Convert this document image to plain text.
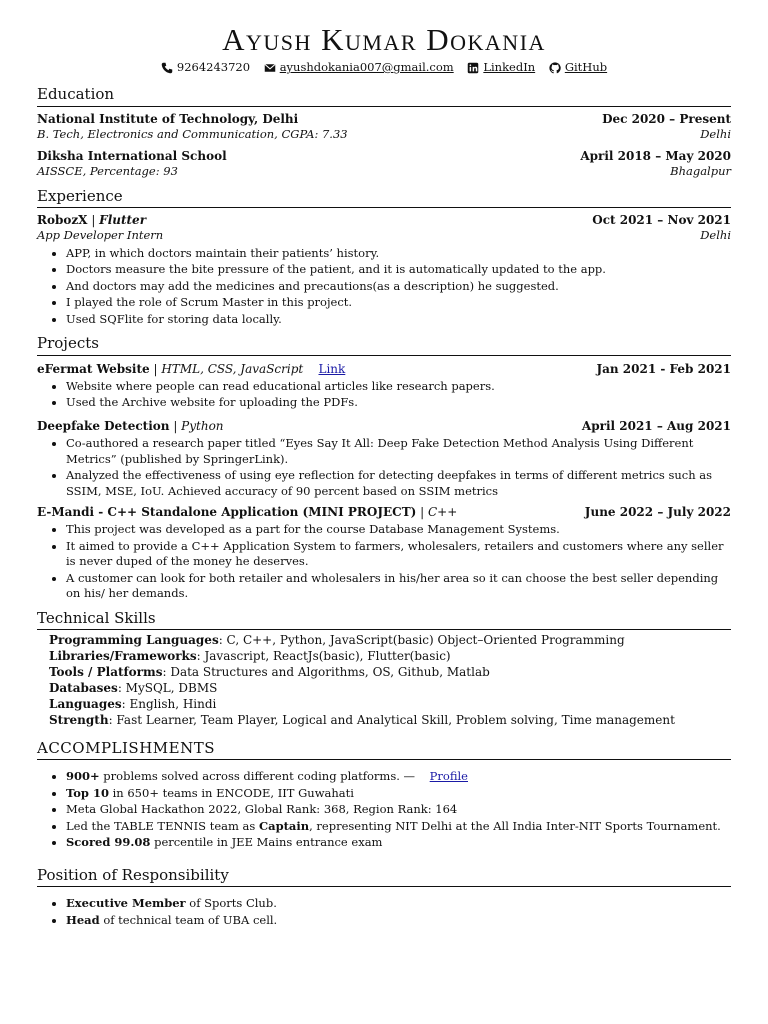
Ayush Kumar Dokania
9264243720
	ayushdokania007@gmail.com
	LinkedIn
	GitHub
Education
National Institute of Technology, Delhi	Dec 2020 – Present
B. Tech, Electronics and Communication, CGPA: 7.33	Delhi
Diksha International School	April 2018 – May 2020
AISSCE, Percentage: 93	Bhagalpur
Experience
RobozX | Flutter	Oct 2021 – Nov 2021
App Developer Intern	Delhi
• APP, in which doctors maintain their patients’ history.
• Doctors measure the bite pressure of the patient, and it is automatically updated to the app.
• And doctors may add the medicines and precautions(as a description) he suggested.
• I played the role of Scrum Master in this project.
• Used SQFlite for storing data locally.
Projects
eFermat Website | HTML, CSS, JavaScript Link	Jan 2021 - Feb 2021
• Website where people can read educational articles like research papers.
• Used the Archive website for uploading the PDFs.
Deepfake Detection | Python	April 2021 – Aug 2021
• Co-authored a research paper titled “Eyes Say It All: Deep Fake Detection Method Analysis Using Different Metrics” (published by SpringerLink).
• Analyzed the effectiveness of using eye reflection for detecting deepfakes in terms of different metrics such as SSIM, MSE, IoU. Achieved accuracy of 90 percent based on SSIM metrics
E-Mandi - C++ Standalone Application (MINI PROJECT) | C++	June 2022 – July 2022
• This project was developed as a part for the course Database Management Systems.
• It aimed to provide a C++ Application System to farmers, wholesalers, retailers and customers where any seller is never duped of the money he deserves.
• A customer can look for both retailer and wholesalers in his/her area so it can choose the best seller depending on his/ her demands.
Technical Skills
Programming Languages: C, C++, Python, JavaScript(basic) Object–Oriented Programming
Libraries/Frameworks: Javascript, ReactJs(basic), Flutter(basic)
Tools / Platforms: Data Structures and Algorithms, OS, Github, Matlab
Databases: MySQL, DBMS
Languages: English, Hindi
Strength: Fast Learner, Team Player, Logical and Analytical Skill, Problem solving, Time management
ACCOMPLISHMENTS
• 900+ problems solved across different coding platforms. —    Profile
• Top 10 in 650+ teams in ENCODE, IIT Guwahati
• Meta Global Hackathon 2022, Global Rank: 368, Region Rank: 164
• Led the TABLE TENNIS team as Captain, representing NIT Delhi at the All India Inter-NIT Sports Tournament.
• Scored 99.08 percentile in JEE Mains entrance exam
Position of Responsibility
• Executive Member of Sports Club.
• Head of technical team of UBA cell.
